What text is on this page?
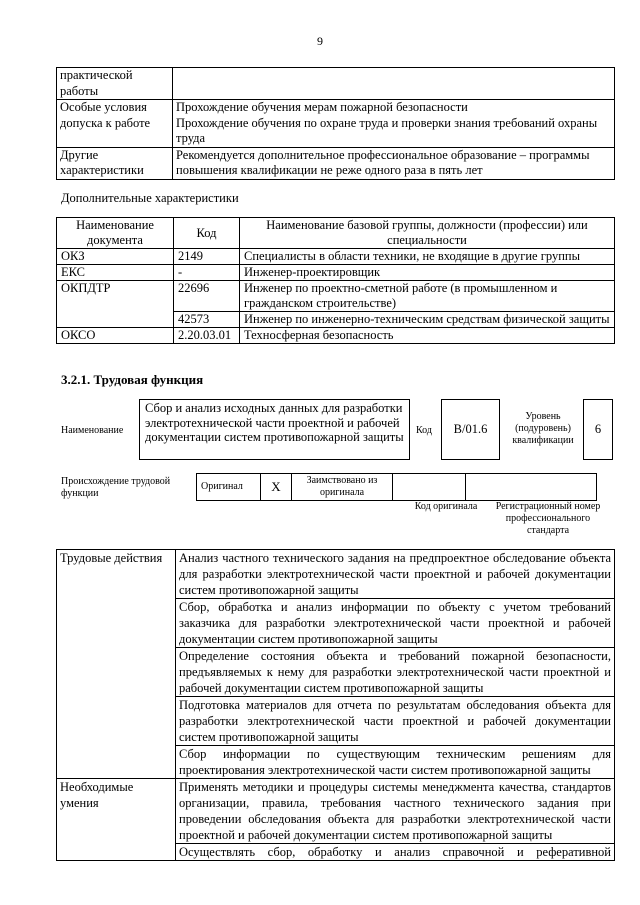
9
практической работы	
Особые условия допуска к работе	Прохождение обучения мерам пожарной безопасности
Прохождение обучения по охране труда и проверки знания требований охраны труда

Другие характеристики	Рекомендуется дополнительное профессиональное образование – программы повышения квалификации не реже одного раза в пять лет
Дополнительные характеристики
Наименование документа	Код	Наименование базовой группы, должности (профессии) или специальности
ОКЗ	2149	Специалисты в области техники, не входящие в другие группы
ЕКС	-	Инженер-проектировщик
ОКПДТР	22696	Инженер по проектно-сметной работе (в промышленном и гражданском строительстве)
	42573	Инженер по инженерно-техническим средствам физической защиты
ОКСО	2.20.03.01	Техносферная безопасность
3.2.1. Трудовая функция
Наименование
Сбор и анализ исходных данных для разработки электротехнической части проектной и рабочей документации систем противопожарной защиты	Код	B/01.6
Уровень (подуровень) квалификации
6
Происхождение трудовой функции
Оригинал	X	Заимствовано из оригинала		
Код оригинала	Регистрационный номер профессионального стандарта
Трудовые действия	Анализ частного технического задания на предпроектное обследование объекта для разработки электротехнической части проектной и рабочей документации систем противопожарной защиты
	Сбор, обработка и анализ информации по объекту с учетом требований заказчика для разработки электротехнической части проектной и рабочей документации систем противопожарной защиты
	Определение состояния объекта и требований пожарной безопасности, предъявляемых к нему для разработки электротехнической части проектной и рабочей документации систем противопожарной защиты
	Подготовка материалов для отчета по результатам обследования объекта для разработки электротехнической части проектной и рабочей документации систем противопожарной защиты
	Сбор информации по существующим техническим решениям для проектирования электротехнической части систем противопожарной защиты
Необходимые умения	Применять методики и процедуры системы менеджмента качества, стандартов организации, правила, требования частного технического задания при проведении обследования объекта для разработки электротехнической части проектной и рабочей документации систем противопожарной защиты
	Осуществлять сбор, обработку и анализ справочной и реферативной
